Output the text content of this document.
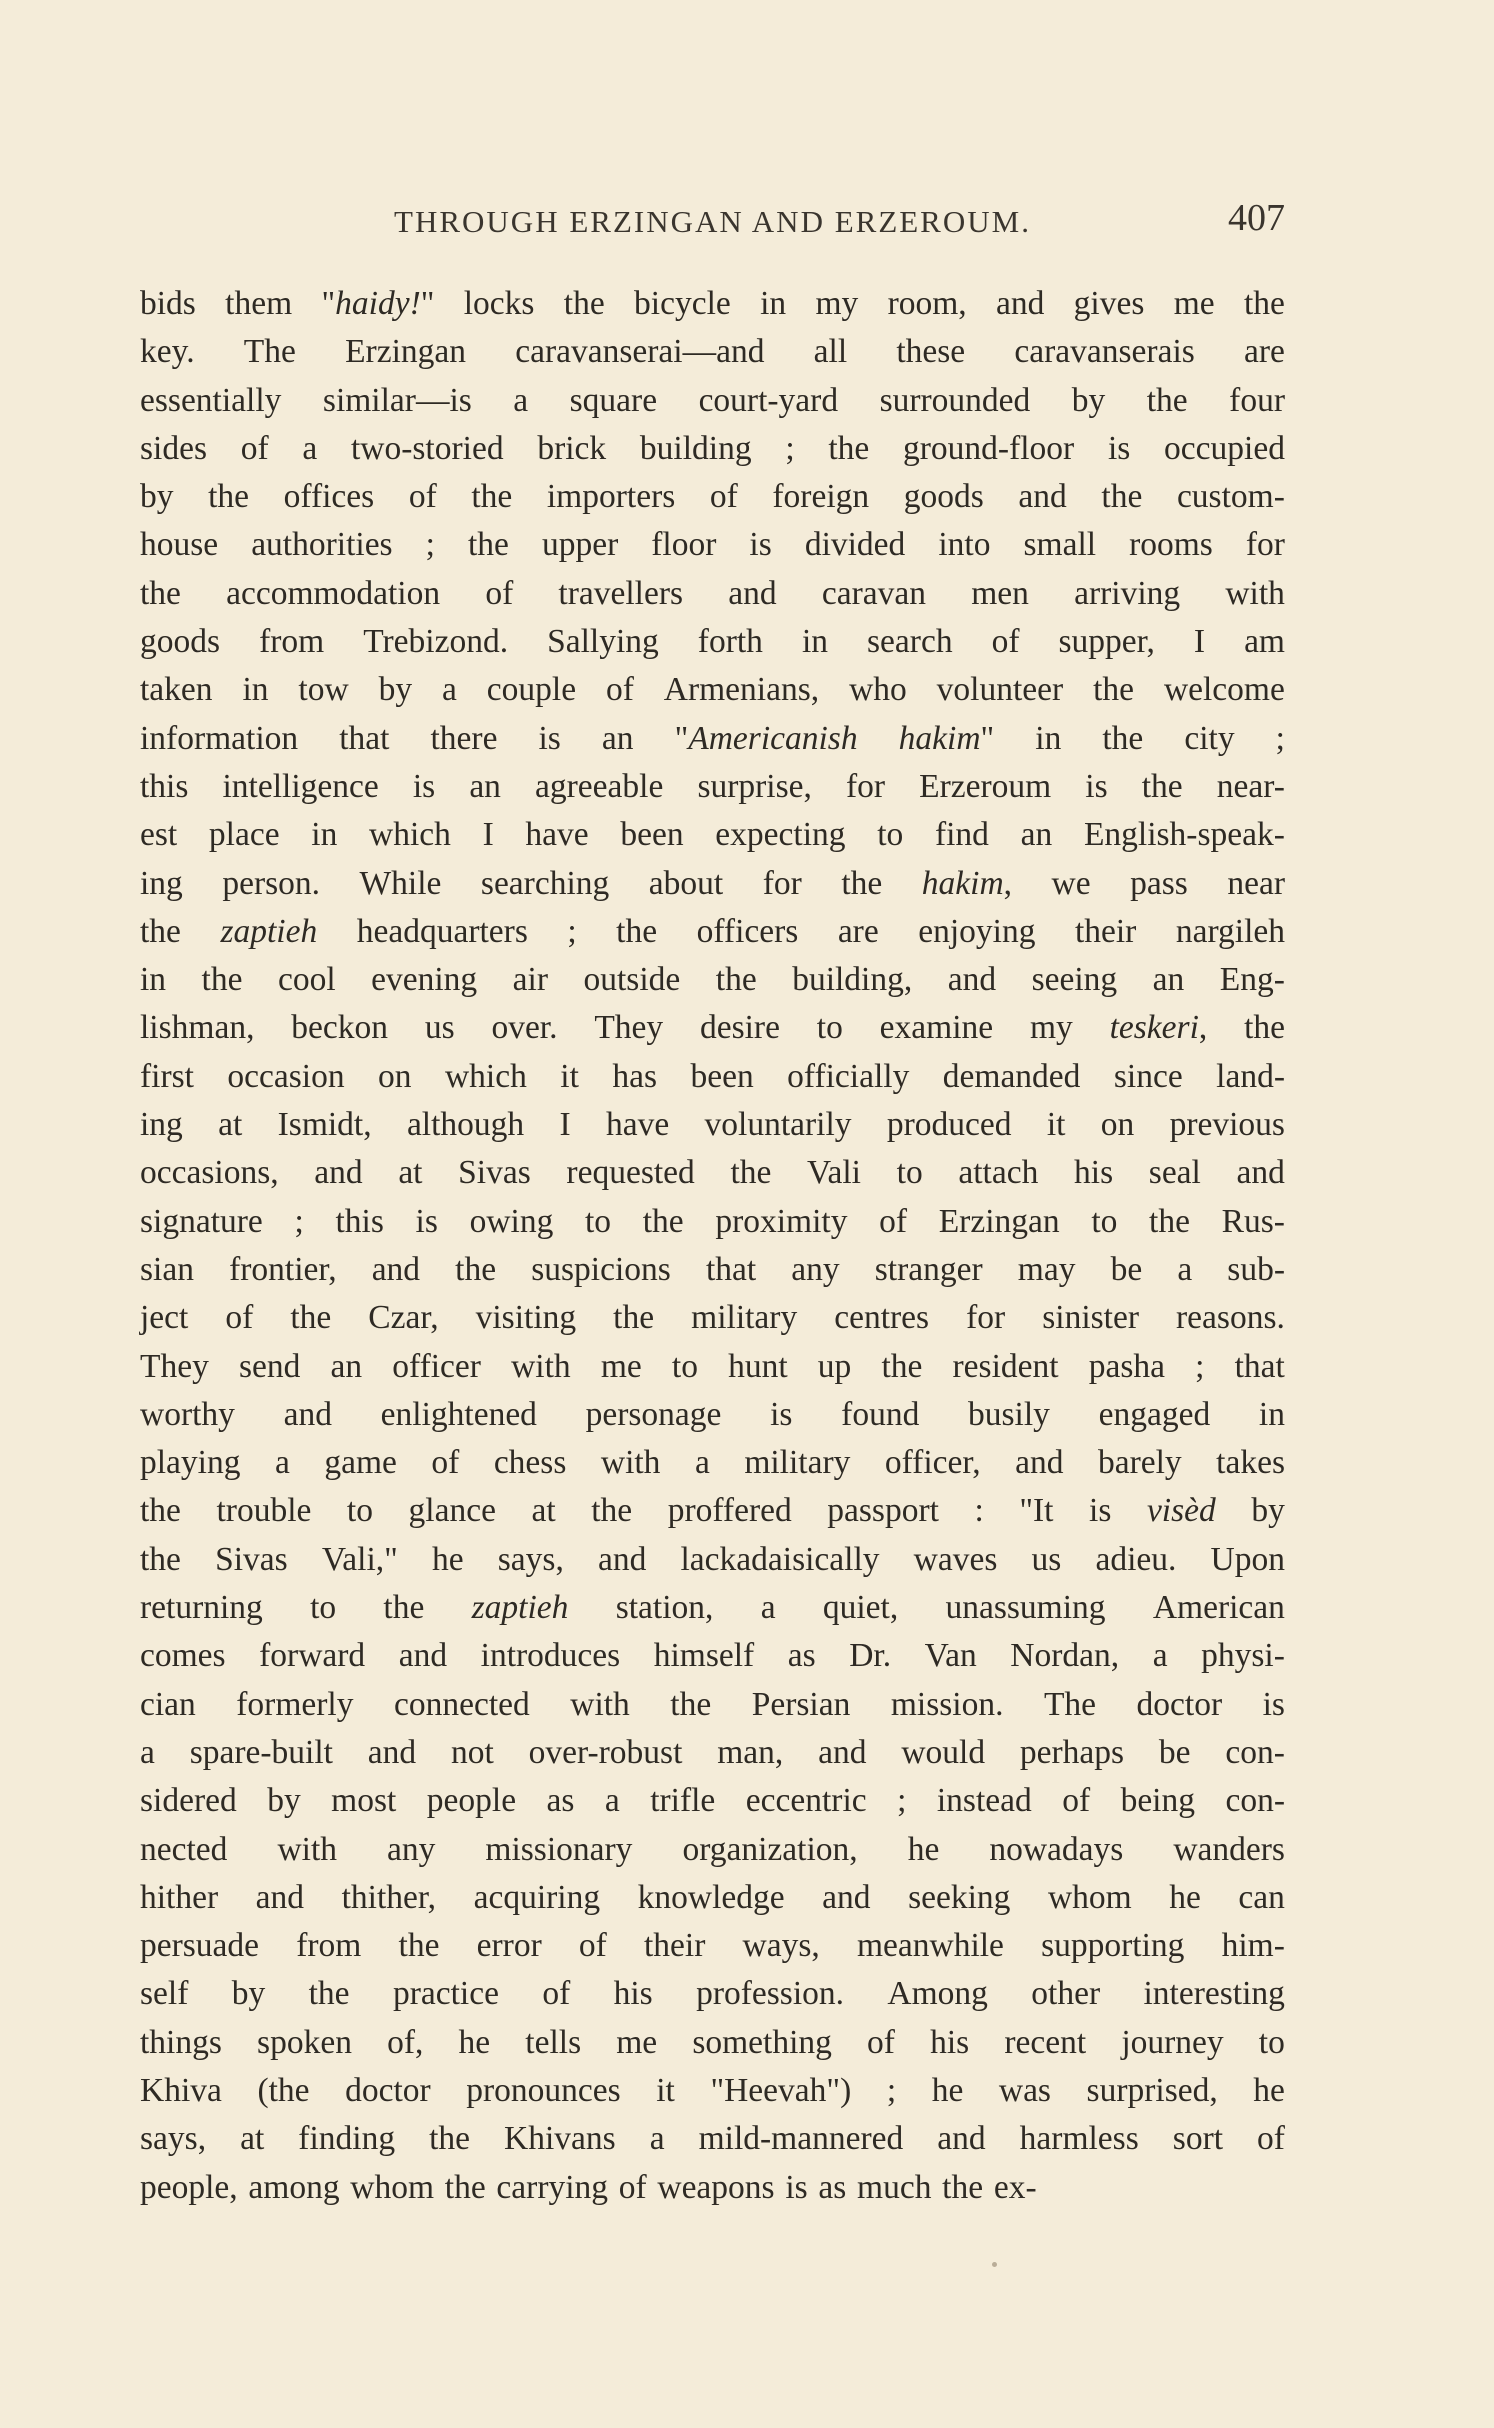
THROUGH ERZINGAN AND ERZEROUM.	407
bids them "haidy!" locks the bicycle in my room, and gives me the
key. The Erzingan caravanserai—and all these caravanserais are
essentially similar—is a square court-yard surrounded by the four
sides of a two-storied brick building ; the ground-floor is occupied
by the offices of the importers of foreign goods and the custom-
house authorities ; the upper floor is divided into small rooms for
the accommodation of travellers and caravan men arriving with
goods from Trebizond. Sallying forth in search of supper, I am
taken in tow by a couple of Armenians, who volunteer the welcome
information that there is an "Americanish hakim" in the city ;
this intelligence is an agreeable surprise, for Erzeroum is the near-
est place in which I have been expecting to find an English-speak-
ing person. While searching about for the hakim, we pass near
the zaptieh headquarters ; the officers are enjoying their nargileh
in the cool evening air outside the building, and seeing an Eng-
lishman, beckon us over. They desire to examine my teskeri, the
first occasion on which it has been officially demanded since land-
ing at Ismidt, although I have voluntarily produced it on previous
occasions, and at Sivas requested the Vali to attach his seal and
signature ; this is owing to the proximity of Erzingan to the Rus-
sian frontier, and the suspicions that any stranger may be a sub-
ject of the Czar, visiting the military centres for sinister reasons.
They send an officer with me to hunt up the resident pasha ; that
worthy and enlightened personage is found busily engaged in
playing a game of chess with a military officer, and barely takes
the trouble to glance at the proffered passport : "It is visèd by
the Sivas Vali," he says, and lackadaisically waves us adieu. Upon
returning to the zaptieh station, a quiet, unassuming American
comes forward and introduces himself as Dr. Van Nordan, a physi-
cian formerly connected with the Persian mission. The doctor is
a spare-built and not over-robust man, and would perhaps be con-
sidered by most people as a trifle eccentric ; instead of being con-
nected with any missionary organization, he nowadays wanders
hither and thither, acquiring knowledge and seeking whom he can
persuade from the error of their ways, meanwhile supporting him-
self by the practice of his profession. Among other interesting
things spoken of, he tells me something of his recent journey to
Khiva (the doctor pronounces it "Heevah") ; he was surprised, he
says, at finding the Khivans a mild-mannered and harmless sort of
people, among whom the carrying of weapons is as much the ex-
